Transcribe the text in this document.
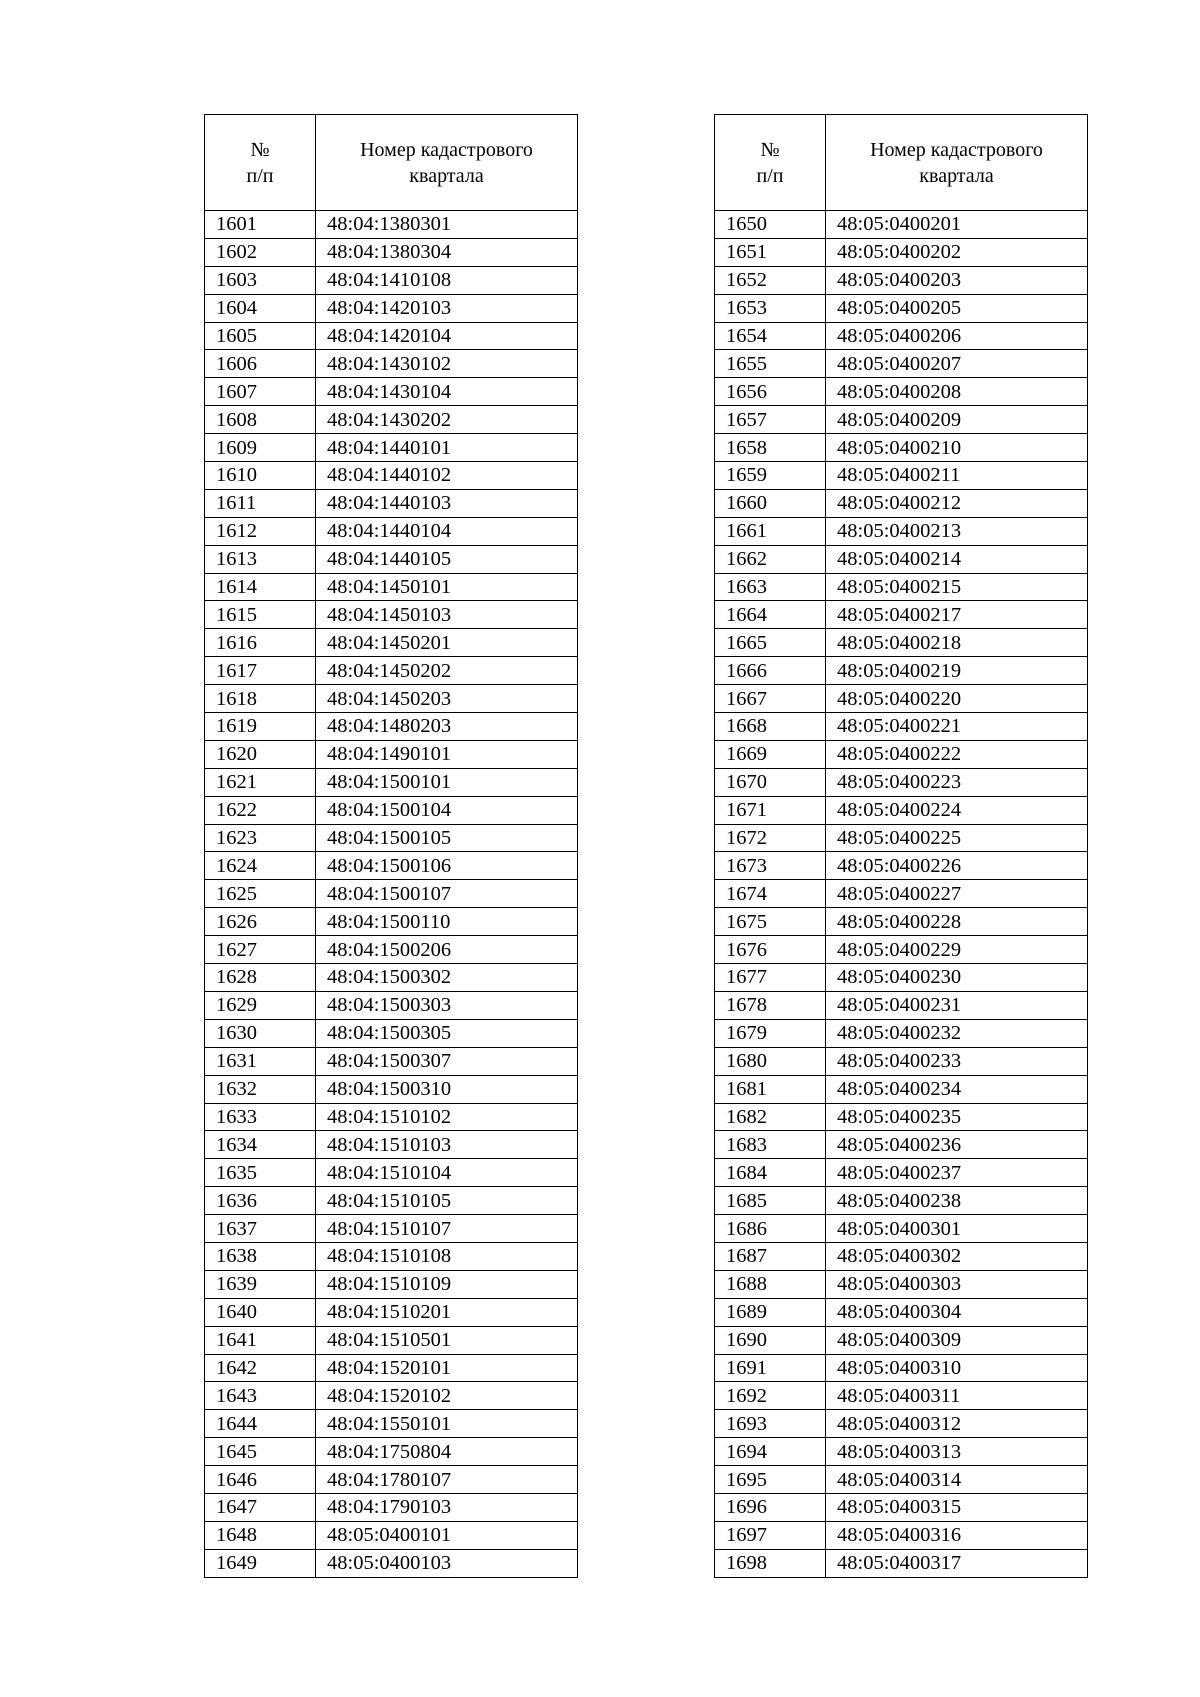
№
п/п	Номер кадастрового
квартала

1601	48:04:1380301
1602	48:04:1380304
1603	48:04:1410108
1604	48:04:1420103
1605	48:04:1420104
1606	48:04:1430102
1607	48:04:1430104
1608	48:04:1430202
1609	48:04:1440101
1610	48:04:1440102
1611	48:04:1440103
1612	48:04:1440104
1613	48:04:1440105
1614	48:04:1450101
1615	48:04:1450103
1616	48:04:1450201
1617	48:04:1450202
1618	48:04:1450203
1619	48:04:1480203
1620	48:04:1490101
1621	48:04:1500101
1622	48:04:1500104
1623	48:04:1500105
1624	48:04:1500106
1625	48:04:1500107
1626	48:04:1500110
1627	48:04:1500206
1628	48:04:1500302
1629	48:04:1500303
1630	48:04:1500305
1631	48:04:1500307
1632	48:04:1500310
1633	48:04:1510102
1634	48:04:1510103
1635	48:04:1510104
1636	48:04:1510105
1637	48:04:1510107
1638	48:04:1510108
1639	48:04:1510109
1640	48:04:1510201
1641	48:04:1510501
1642	48:04:1520101
1643	48:04:1520102
1644	48:04:1550101
1645	48:04:1750804
1646	48:04:1780107
1647	48:04:1790103
1648	48:05:0400101
1649	48:05:0400103
№
п/п	Номер кадастрового
квартала

1650	48:05:0400201
1651	48:05:0400202
1652	48:05:0400203
1653	48:05:0400205
1654	48:05:0400206
1655	48:05:0400207
1656	48:05:0400208
1657	48:05:0400209
1658	48:05:0400210
1659	48:05:0400211
1660	48:05:0400212
1661	48:05:0400213
1662	48:05:0400214
1663	48:05:0400215
1664	48:05:0400217
1665	48:05:0400218
1666	48:05:0400219
1667	48:05:0400220
1668	48:05:0400221
1669	48:05:0400222
1670	48:05:0400223
1671	48:05:0400224
1672	48:05:0400225
1673	48:05:0400226
1674	48:05:0400227
1675	48:05:0400228
1676	48:05:0400229
1677	48:05:0400230
1678	48:05:0400231
1679	48:05:0400232
1680	48:05:0400233
1681	48:05:0400234
1682	48:05:0400235
1683	48:05:0400236
1684	48:05:0400237
1685	48:05:0400238
1686	48:05:0400301
1687	48:05:0400302
1688	48:05:0400303
1689	48:05:0400304
1690	48:05:0400309
1691	48:05:0400310
1692	48:05:0400311
1693	48:05:0400312
1694	48:05:0400313
1695	48:05:0400314
1696	48:05:0400315
1697	48:05:0400316
1698	48:05:0400317
